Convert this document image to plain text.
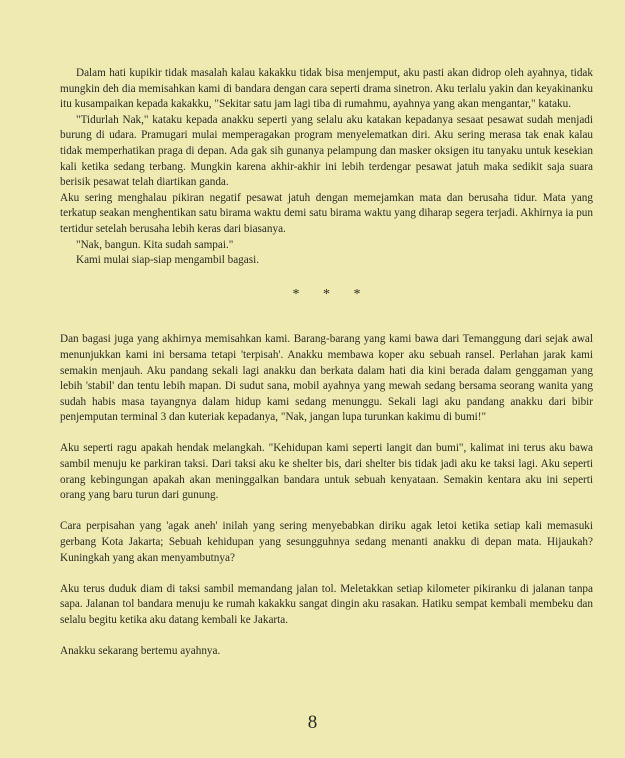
Dalam hati kupikir tidak masalah kalau kakakku tidak bisa menjemput, aku pasti akan didrop oleh ayahnya, tidak mungkin deh dia memisahkan kami di bandara dengan cara seperti drama sinetron. Aku terlalu yakin dan keyakinanku itu kusampaikan kepada kakakku, "Sekitar satu jam lagi tiba di rumahmu, ayahnya yang akan mengantar," kataku.

"Tidurlah Nak," kataku kepada anakku seperti yang selalu aku katakan kepadanya sesaat pesawat sudah menjadi burung di udara. Pramugari mulai memperagakan program menyelematkan diri. Aku sering merasa tak enak kalau tidak memperhatikan praga di depan. Ada gak sih gunanya pelampung dan masker oksigen itu tanyaku untuk kesekian kali ketika sedang terbang. Mungkin karena akhir-akhir ini lebih terdengar pesawat jatuh maka sedikit saja suara berisik pesawat telah diartikan ganda.

Aku sering menghalau pikiran negatif pesawat jatuh dengan memejamkan mata dan berusaha tidur. Mata yang terkatup seakan menghentikan satu birama waktu demi satu birama waktu yang diharap segera terjadi. Akhirnya ia pun tertidur setelah berusaha lebih keras dari biasanya.

"Nak, bangun. Kita sudah sampai."

Kami mulai siap-siap mengambil bagasi.

* * *

Dan bagasi juga yang akhirnya memisahkan kami. Barang-barang yang kami bawa dari Temanggung dari sejak awal menunjukkan kami ini bersama tetapi 'terpisah'. Anakku membawa koper aku sebuah ransel. Perlahan jarak kami semakin menjauh. Aku pandang sekali lagi anakku dan berkata dalam hati dia kini berada dalam genggaman yang lebih 'stabil' dan tentu lebih mapan. Di sudut sana, mobil ayahnya yang mewah sedang bersama seorang wanita yang sudah habis masa tayangnya dalam hidup kami sedang menunggu. Sekali lagi aku pandang anakku dari bibir penjemputan terminal 3 dan kuteriak kepadanya, "Nak, jangan lupa turunkan kakimu di bumi!"

Aku seperti ragu apakah hendak melangkah. "Kehidupan kami seperti langit dan bumi", kalimat ini terus aku bawa sambil menuju ke parkiran taksi. Dari taksi aku ke shelter bis, dari shelter bis tidak jadi aku ke taksi lagi. Aku seperti orang kebingungan apakah akan meninggalkan bandara untuk sebuah kenyataan. Semakin kentara aku ini seperti orang yang baru turun dari gunung.

Cara perpisahan yang 'agak aneh' inilah yang sering menyebabkan diriku agak letoi ketika setiap kali memasuki gerbang Kota Jakarta; Sebuah kehidupan yang sesungguhnya sedang menanti anakku di depan mata. Hijaukah? Kuningkah yang akan menyambutnya?

Aku terus duduk diam di taksi sambil memandang jalan tol. Meletakkan setiap kilometer pikiranku di jalanan tanpa sapa. Jalanan tol bandara menuju ke rumah kakakku sangat dingin aku rasakan. Hatiku sempat kembali membeku dan selalu begitu ketika aku datang kembali ke Jakarta.

Anakku sekarang bertemu ayahnya.

8
